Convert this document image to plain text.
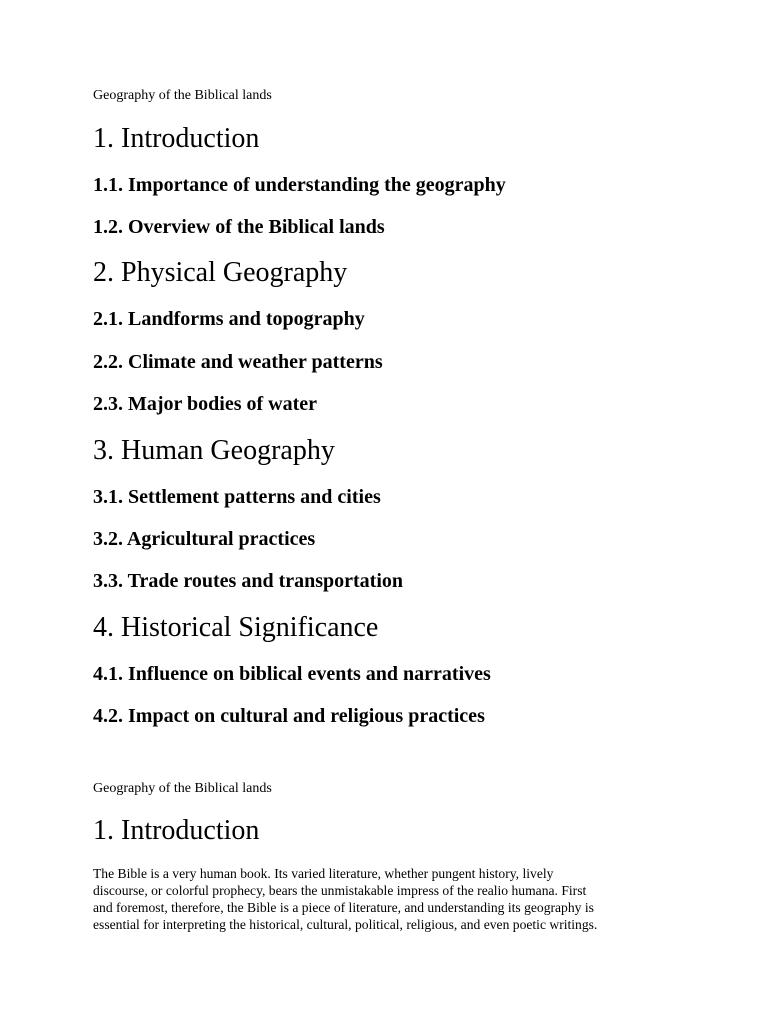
Geography of the Biblical lands

1. Introduction
1.1. Importance of understanding the geography
1.2. Overview of the Biblical lands
2. Physical Geography
2.1. Landforms and topography
2.2. Climate and weather patterns
2.3. Major bodies of water
3. Human Geography
3.1. Settlement patterns and cities
3.2. Agricultural practices
3.3. Trade routes and transportation
4. Historical Significance
4.1. Influence on biblical events and narratives
4.2. Impact on cultural and religious practices

Geography of the Biblical lands

1. Introduction
The Bible is a very human book. Its varied literature, whether pungent history, lively
discourse, or colorful prophecy, bears the unmistakable impress of the realio humana. First
and foremost, therefore, the Bible is a piece of literature, and understanding its geography is
essential for interpreting the historical, cultural, political, religious, and even poetic writings.
